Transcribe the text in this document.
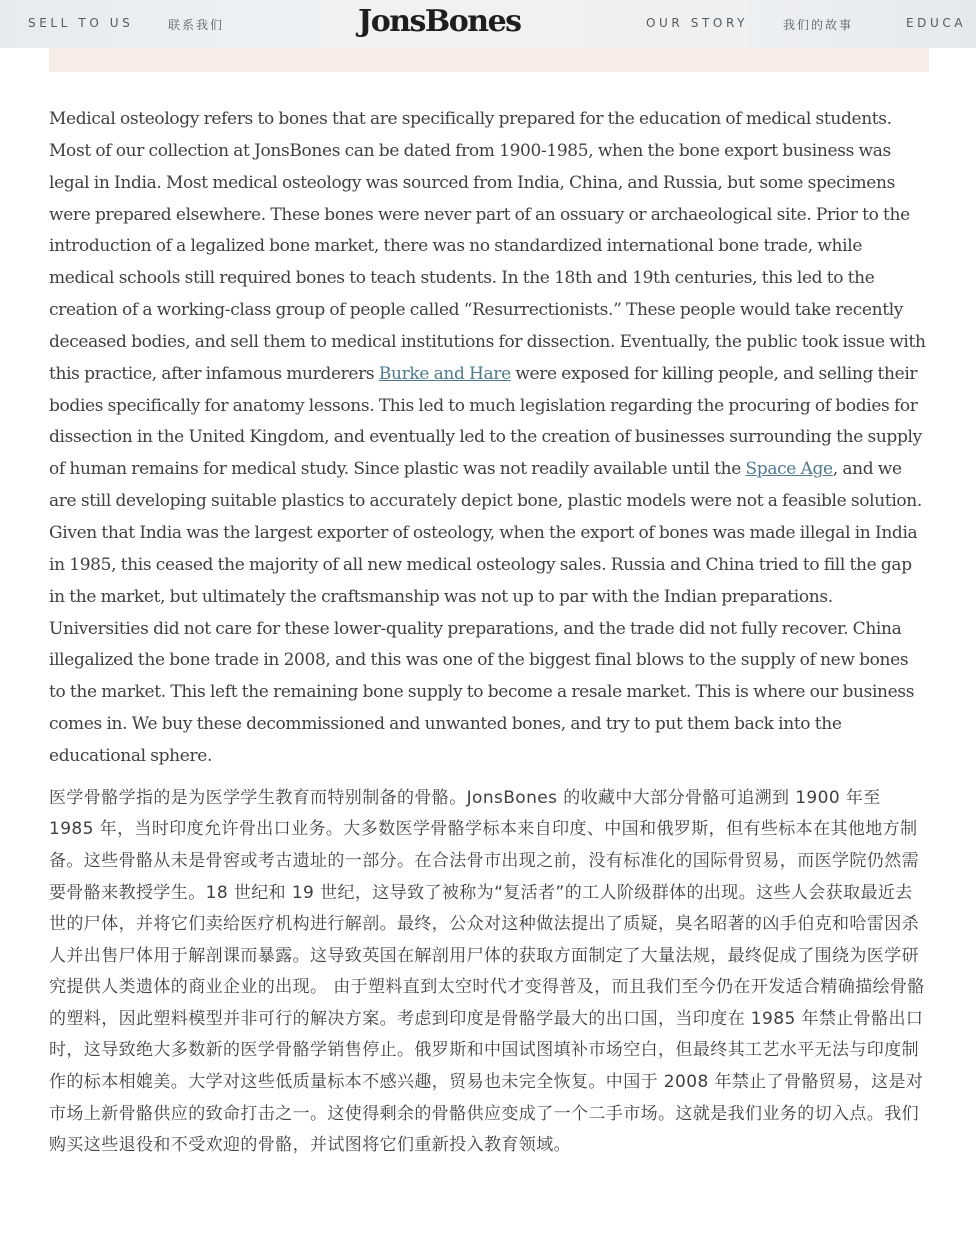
SELL TO US	联系我们	JonsBones	OUR STORY	我们的故事	EDUCA

Medical osteology refers to bones that are specifically prepared for the education of medical students. Most of our collection at JonsBones can be dated from 1900-1985, when the bone export business was legal in India. Most medical osteology was sourced from India, China, and Russia, but some specimens were prepared elsewhere. These bones were never part of an ossuary or archaeological site. Prior to the introduction of a legalized bone market, there was no standardized international bone trade, while medical schools still required bones to teach students. In the 18th and 19th centuries, this led to the creation of a working-class group of people called “Resurrectionists.” These people would take recently deceased bodies, and sell them to medical institutions for dissection. Eventually, the public took issue with this practice, after infamous murderers Burke and Hare were exposed for killing people, and selling their bodies specifically for anatomy lessons. This led to much legislation regarding the procuring of bodies for dissection in the United Kingdom, and eventually led to the creation of businesses surrounding the supply of human remains for medical study. Since plastic was not readily available until the Space Age, and we are still developing suitable plastics to accurately depict bone, plastic models were not a feasible solution. Given that India was the largest exporter of osteology, when the export of bones was made illegal in India in 1985, this ceased the majority of all new medical osteology sales. Russia and China tried to fill the gap in the market, but ultimately the craftsmanship was not up to par with the Indian preparations. Universities did not care for these lower-quality preparations, and the trade did not fully recover. China illegalized the bone trade in 2008, and this was one of the biggest final blows to the supply of new bones to the market. This left the remaining bone supply to become a resale market. This is where our business comes in. We buy these decommissioned and unwanted bones, and try to put them back into the educational sphere.

医学骨骼学指的是为医学学生教育而特别制备的骨骼。JonsBones 的收藏中大部分骨骼可追溯到 1900 年至 1985 年，当时印度允许骨出口业务。大多数医学骨骼学标本来自印度、中国和俄罗斯，但有些标本在其他地方制备。这些骨骼从未是骨窖或考古遗址的一部分。在合法骨市出现之前，没有标准化的国际骨贸易，而医学院仍然需要骨骼来教授学生。18 世纪和 19 世纪，这导致了被称为“复活者”的工人阶级群体的出现。这些人会获取最近去世的尸体，并将它们卖给医疗机构进行解剖。最终，公众对这种做法提出了质疑，臭名昭著的凶手伯克和哈雷因杀人并出售尸体用于解剖课而暴露。这导致英国在解剖用尸体的获取方面制定了大量法规，最终促成了围绕为医学研究提供人类遗体的商业企业的出现。 由于塑料直到太空时代才变得普及，而且我们至今仍在开发适合精确描绘骨骼的塑料，因此塑料模型并非可行的解决方案。考虑到印度是骨骼学最大的出口国，当印度在 1985 年禁止骨骼出口时，这导致绝大多数新的医学骨骼学销售停止。俄罗斯和中国试图填补市场空白，但最终其工艺水平无法与印度制作的标本相媲美。大学对这些低质量标本不感兴趣，贸易也未完全恢复。中国于 2008 年禁止了骨骼贸易，这是对市场上新骨骼供应的致命打击之一。这使得剩余的骨骼供应变成了一个二手市场。这就是我们业务的切入点。我们购买这些退役和不受欢迎的骨骼，并试图将它们重新投入教育领域。
